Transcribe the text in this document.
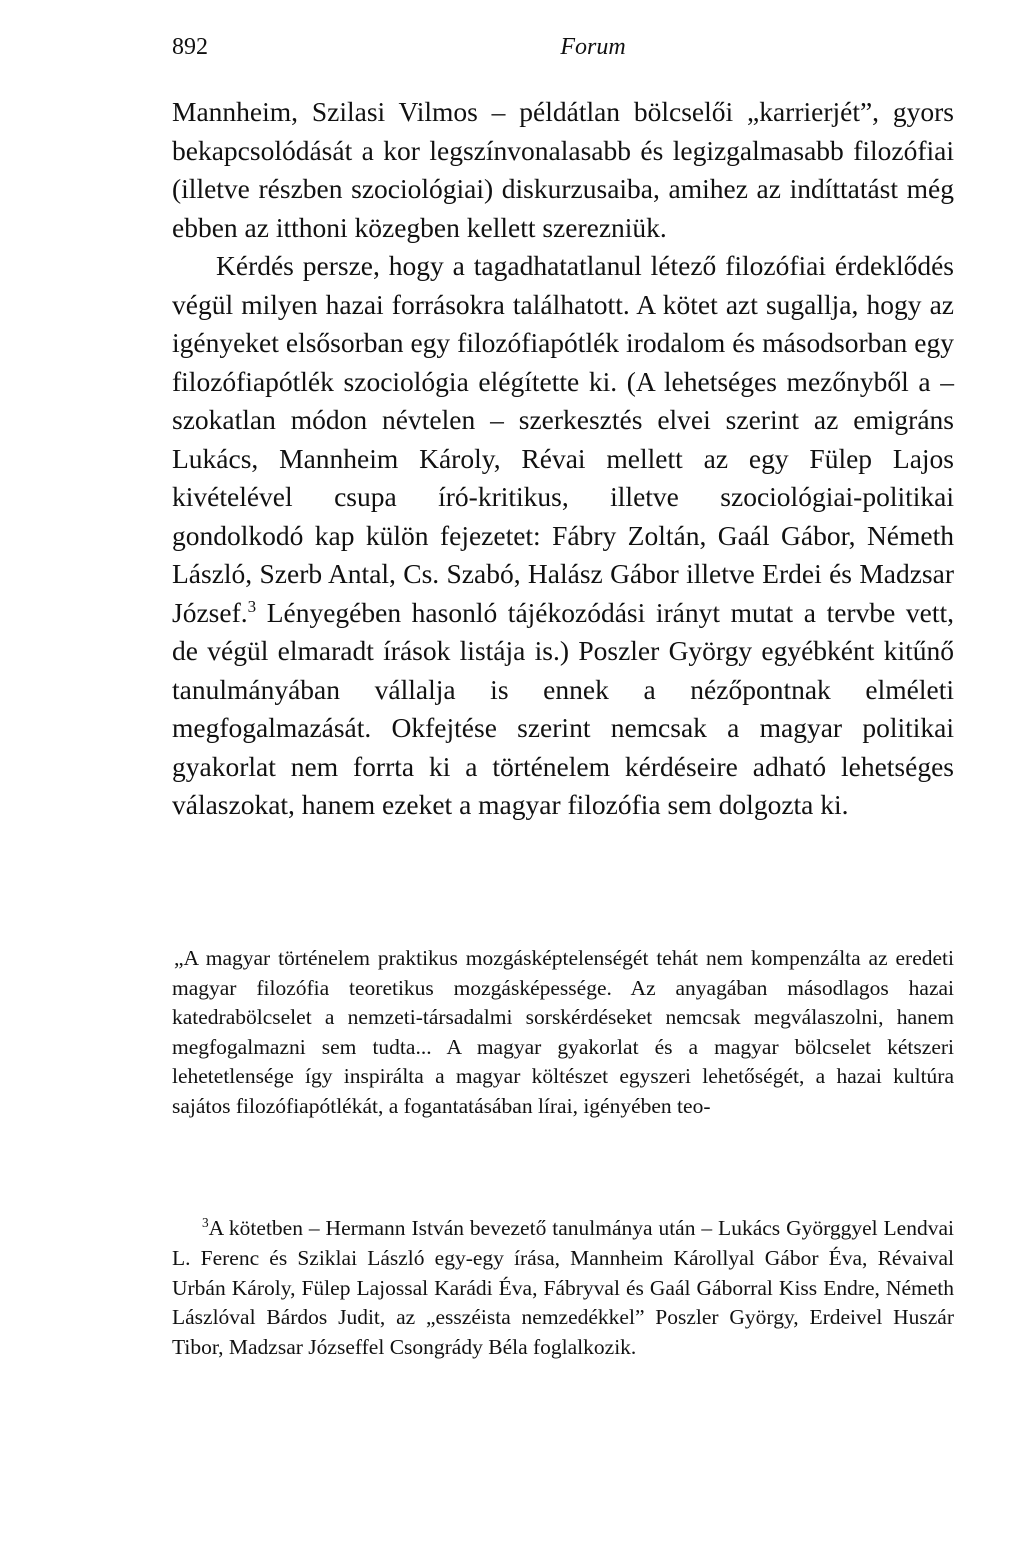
892	Forum

Mannheim, Szilasi Vilmos – példátlan bölcselői „karrierjét”, gyors bekapcsolódását a kor legszínvonalasabb és legizgalmasabb filozófiai (illetve részben szociológiai) diskurzusaiba, amihez az indíttatást még ebben az itthoni közegben kellett szerezniük.

Kérdés persze, hogy a tagadhatatlanul létező filozófiai érdeklődés végül milyen hazai forrásokra találhatott. A kötet azt sugallja, hogy az igényeket elsősorban egy filozófiapótlék irodalom és másodsorban egy filozófiapótlék szociológia elégítette ki. (A lehetséges mezőnyből a – szokatlan módon névtelen – szerkesztés elvei szerint az emigráns Lukács, Mannheim Károly, Révai mellett az egy Fülep Lajos kivételével csupa író-kritikus, illetve szociológiai-politikai gondolkodó kap külön fejezetet: Fábry Zoltán, Gaál Gábor, Németh László, Szerb Antal, Cs. Szabó, Halász Gábor illetve Erdei és Madzsar József.$^3$ Lényegében hasonló tájékozódási irányt mutat a tervbe vett, de végül elmaradt írások listája is.) Poszler György egyébként kitűnő tanulmányában vállalja is ennek a nézőpontnak elméleti megfogalmazását. Okfejtése szerint nemcsak a magyar politikai gyakorlat nem forrta ki a történelem kérdéseire adható lehetséges válaszokat, hanem ezeket a magyar filozófia sem dolgozta ki.

„A magyar történelem praktikus mozgásképtelenségét tehát nem kompenzálta az eredeti magyar filozófia teoretikus mozgásképessége. Az anyagában másodlagos hazai katedrabölcselet a nemzeti-társadalmi sorskérdéseket nemcsak megválaszolni, hanem megfogalmazni sem tudta... A magyar gyakorlat és a magyar bölcselet kétszeri lehetetlensége így inspirálta a magyar költészet egyszeri lehetőségét, a hazai kultúra sajátos filozófiapótlékát, a fogantatásában lírai, igényében teo-
$^3$A kötetben – Hermann István bevezető tanulmánya után – Lukács Györggyel Lendvai L. Ferenc és Sziklai László egy-egy írása, Mannheim Károllyal Gábor Éva, Révaival Urbán Károly, Fülep Lajossal Karádi Éva, Fábryval és Gaál Gáborral Kiss Endre, Németh Lászlóval Bárdos Judit, az „esszéista nemzedékkel” Poszler György, Erdeivel Huszár Tibor, Madzsar Józseffel Csongrády Béla foglalkozik.
